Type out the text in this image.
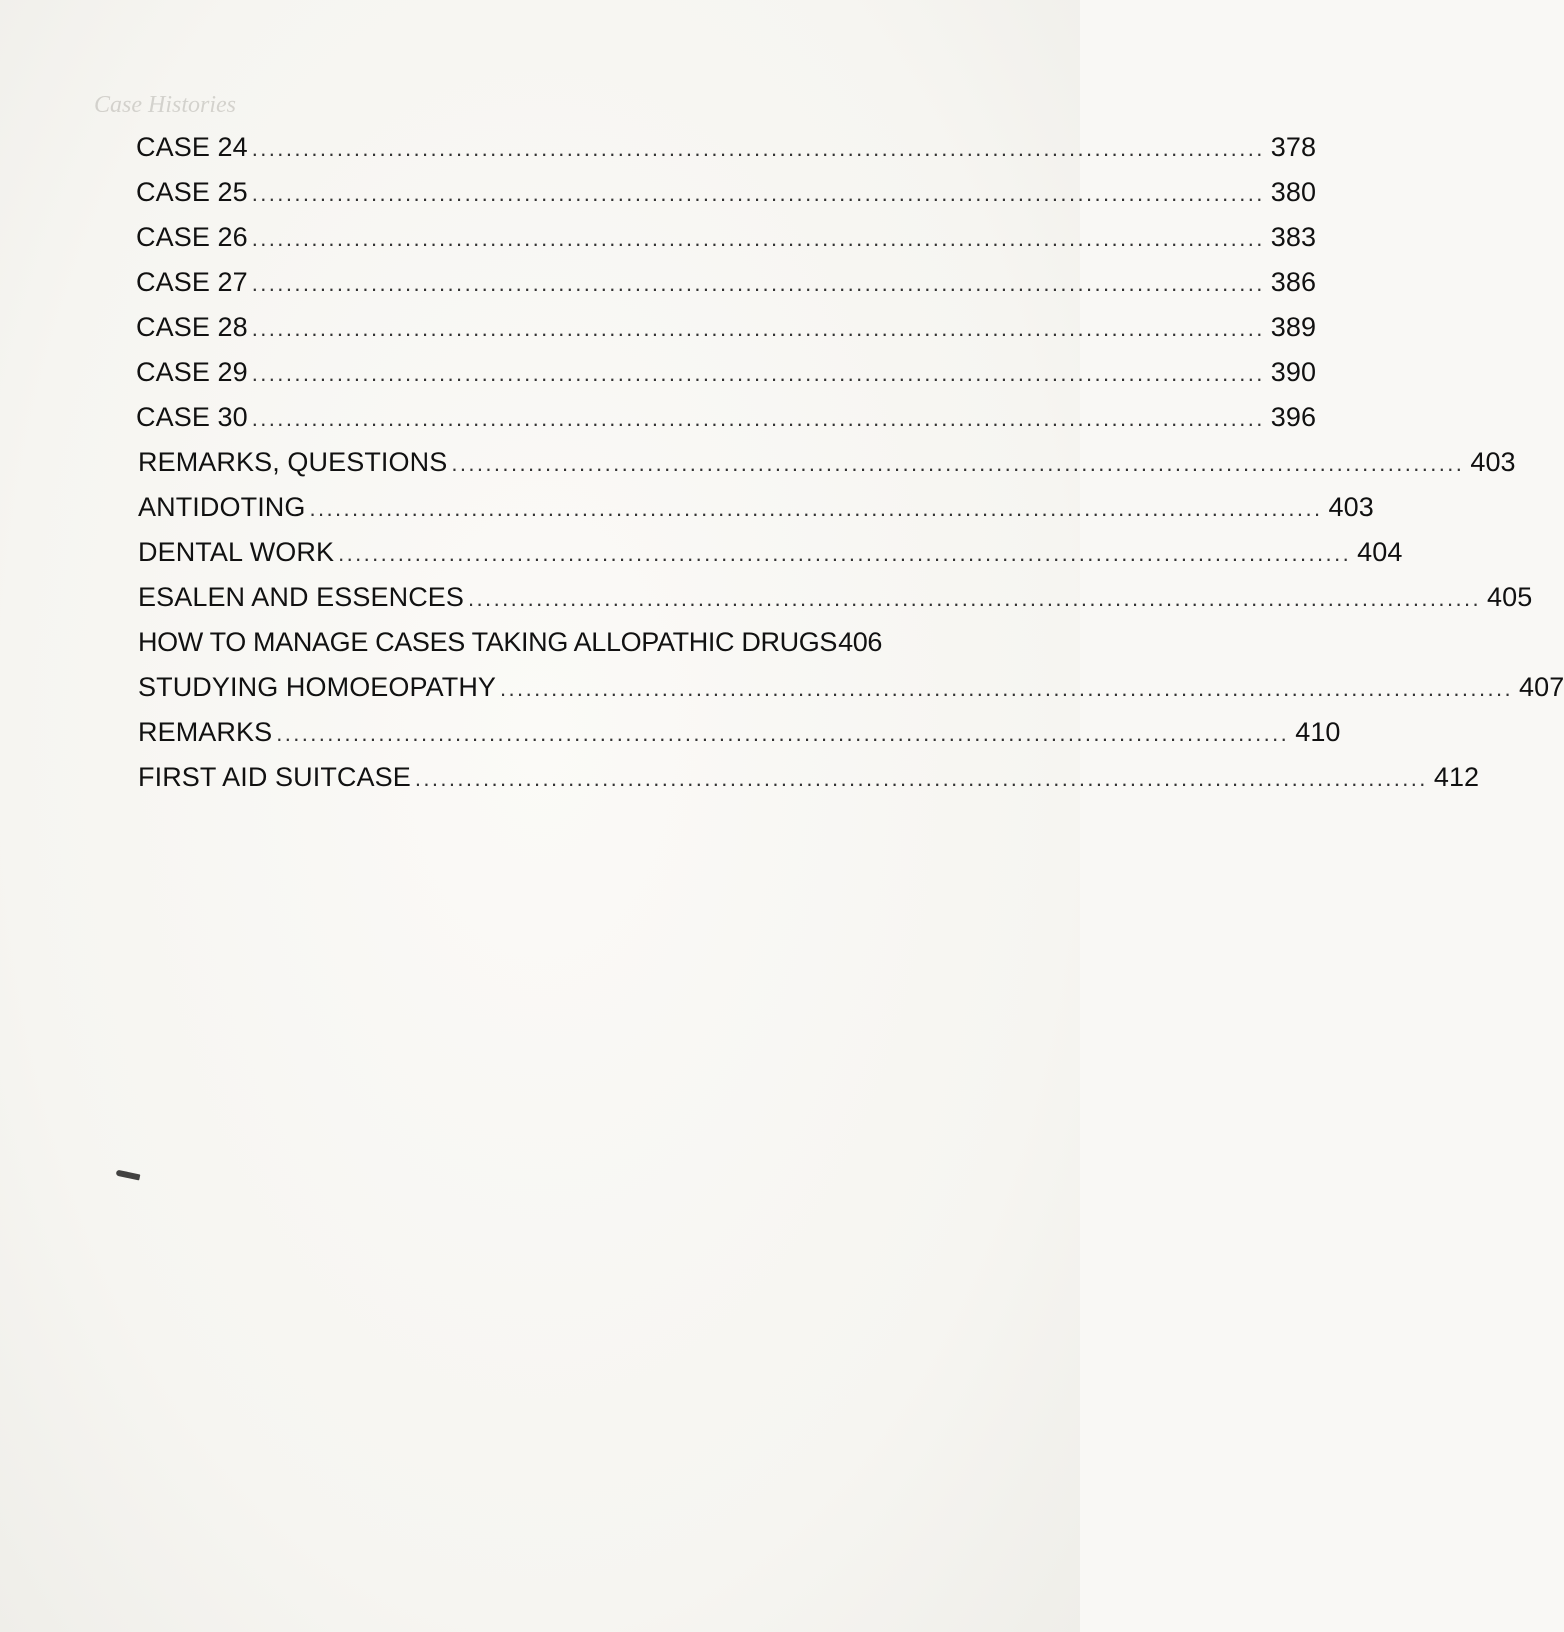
Case Histories
CASE 24 ....................................................................................................................... 378
CASE 25 ....................................................................................................................... 380
CASE 26 ....................................................................................................................... 383
CASE 27 ....................................................................................................................... 386
CASE 28 ....................................................................................................................... 389
CASE 29 ....................................................................................................................... 390
CASE 30 ....................................................................................................................... 396
REMARKS, QUESTIONS ....................................................................................................................... 403
ANTIDOTING ....................................................................................................................... 403
DENTAL WORK ....................................................................................................................... 404
ESALEN AND ESSENCES ....................................................................................................................... 405
HOW TO MANAGE CASES TAKING ALLOPATHIC DRUGS 406
STUDYING HOMOEOPATHY ....................................................................................................................... 407
REMARKS ....................................................................................................................... 410
FIRST AID SUITCASE ....................................................................................................................... 412
